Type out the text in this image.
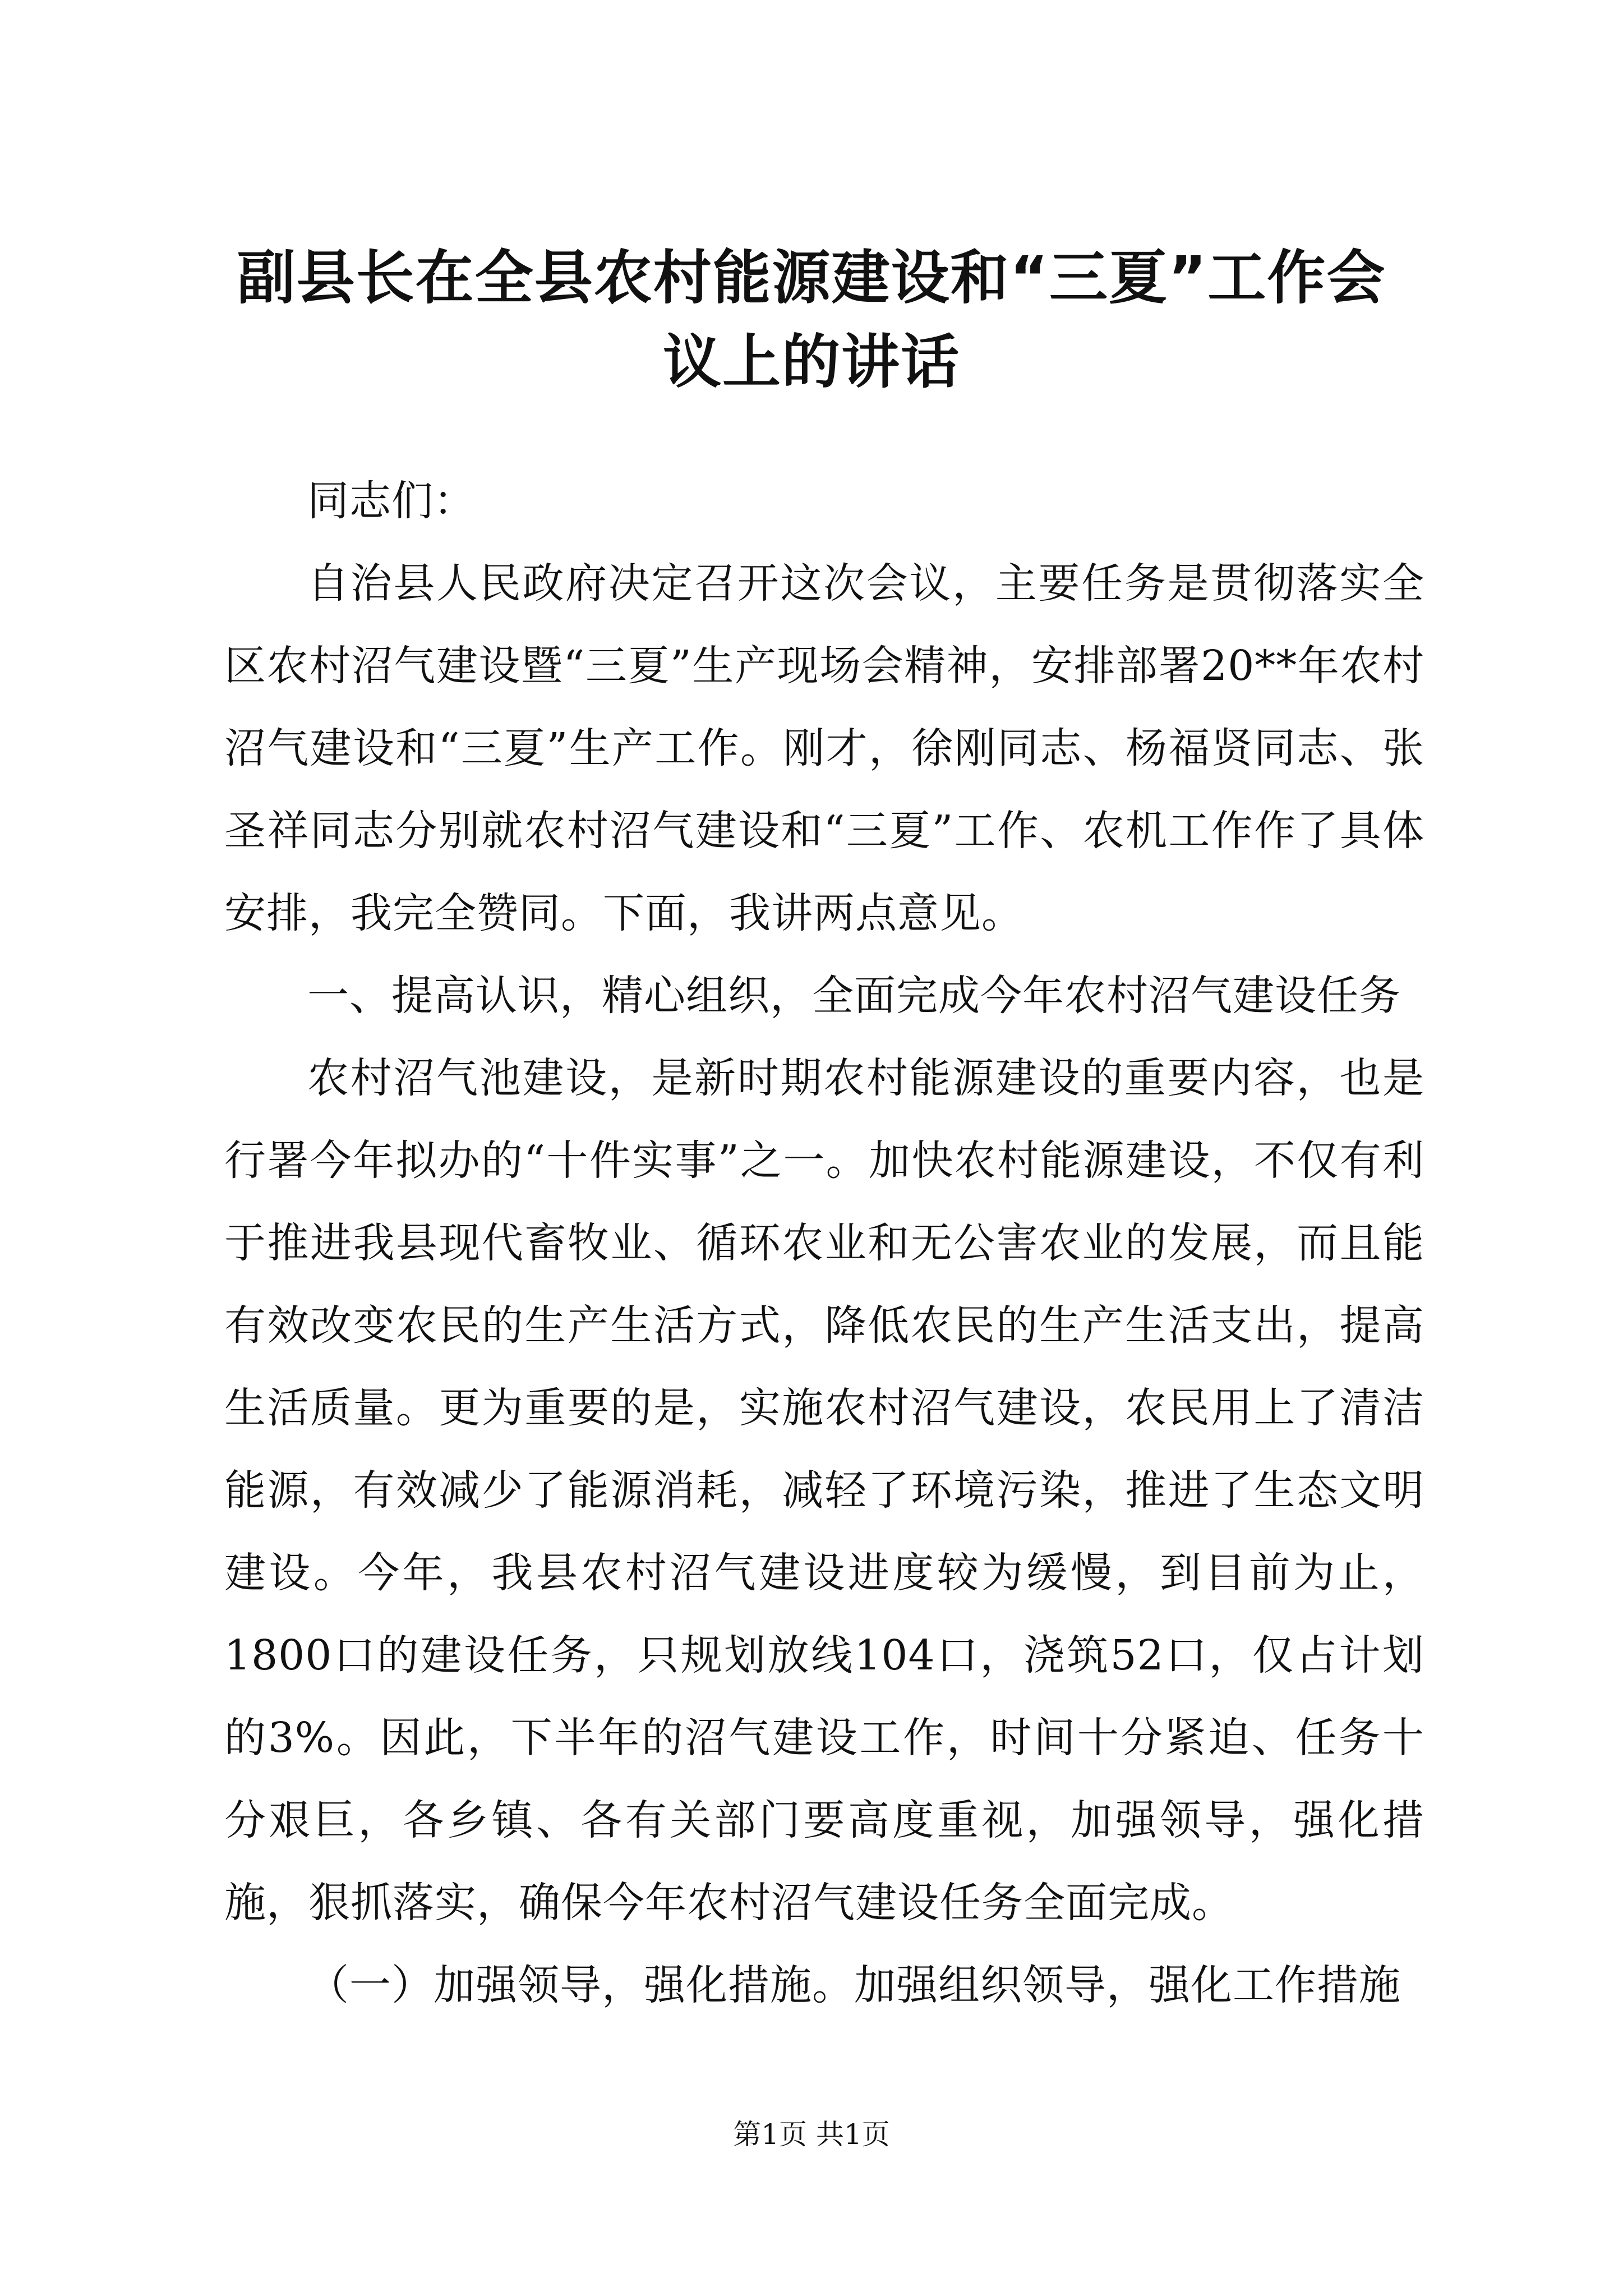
副县长在全县农村能源建设和“三夏”工作会议上的讲话

同志们：

自治县人民政府决定召开这次会议，主要任务是贯彻落实全区农村沼气建设暨“三夏”生产现场会精神，安排部署20**年农村沼气建设和“三夏”生产工作。刚才，徐刚同志、杨福贤同志、张圣祥同志分别就农村沼气建设和“三夏”工作、农机工作作了具体安排，我完全赞同。下面，我讲两点意见。

一、提高认识，精心组织，全面完成今年农村沼气建设任务

农村沼气池建设，是新时期农村能源建设的重要内容，也是行署今年拟办的“十件实事”之一。加快农村能源建设，不仅有利于推进我县现代畜牧业、循环农业和无公害农业的发展，而且能有效改变农民的生产生活方式，降低农民的生产生活支出，提高生活质量。更为重要的是，实施农村沼气建设，农民用上了清洁能源，有效减少了能源消耗，减轻了环境污染，推进了生态文明建设。今年，我县农村沼气建设进度较为缓慢，到目前为止，1800口的建设任务，只规划放线104口，浇筑52口，仅占计划的3%。因此，下半年的沼气建设工作，时间十分紧迫、任务十分艰巨，各乡镇、各有关部门要高度重视，加强领导，强化措施，狠抓落实，确保今年农村沼气建设任务全面完成。

（一）加强领导，强化措施。加强组织领导，强化工作措施

第1页 共1页
